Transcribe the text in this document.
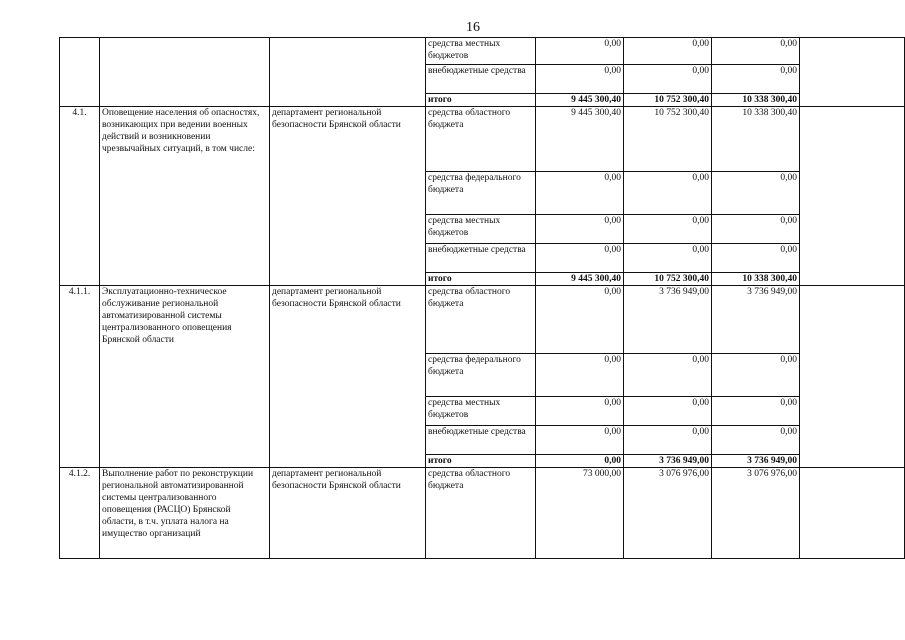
16
			средства местных бюджетов	0,00	0,00	0,00	
			внебюджетные средства	0,00	0,00	0,00	
			итого	9 445 300,40	10 752 300,40	10 338 300,40	
4.1.	Оповещение населения об опасностях, возникающих при ведении военных действий и возникновении чрезвычайных ситуаций, в том числе:	департамент региональной безопасности Брянской области	средства областного бюджета	9 445 300,40	10 752 300,40	10 338 300,40	
			средства федерального бюджета	0,00	0,00	0,00	
			средства местных бюджетов	0,00	0,00	0,00	
			внебюджетные средства	0,00	0,00	0,00	
			итого	9 445 300,40	10 752 300,40	10 338 300,40	
4.1.1.	Эксплуатационно-техническое обслуживание региональной автоматизированной системы централизованного оповещения Брянской области	департамент региональной безопасности Брянской области	средства областного бюджета	0,00	3 736 949,00	3 736 949,00	
			средства федерального бюджета	0,00	0,00	0,00	
			средства местных бюджетов	0,00	0,00	0,00	
			внебюджетные средства	0,00	0,00	0,00	
			итого	0,00	3 736 949,00	3 736 949,00	
4.1.2.	Выполнение работ по реконструкции региональной автоматизированной системы централизованного оповещения (РАСЦО) Брянской области, в т.ч. уплата налога на имущество организаций	департамент региональной безопасности Брянской области	средства областного бюджета	73 000,00	3 076 976,00	3 076 976,00	
